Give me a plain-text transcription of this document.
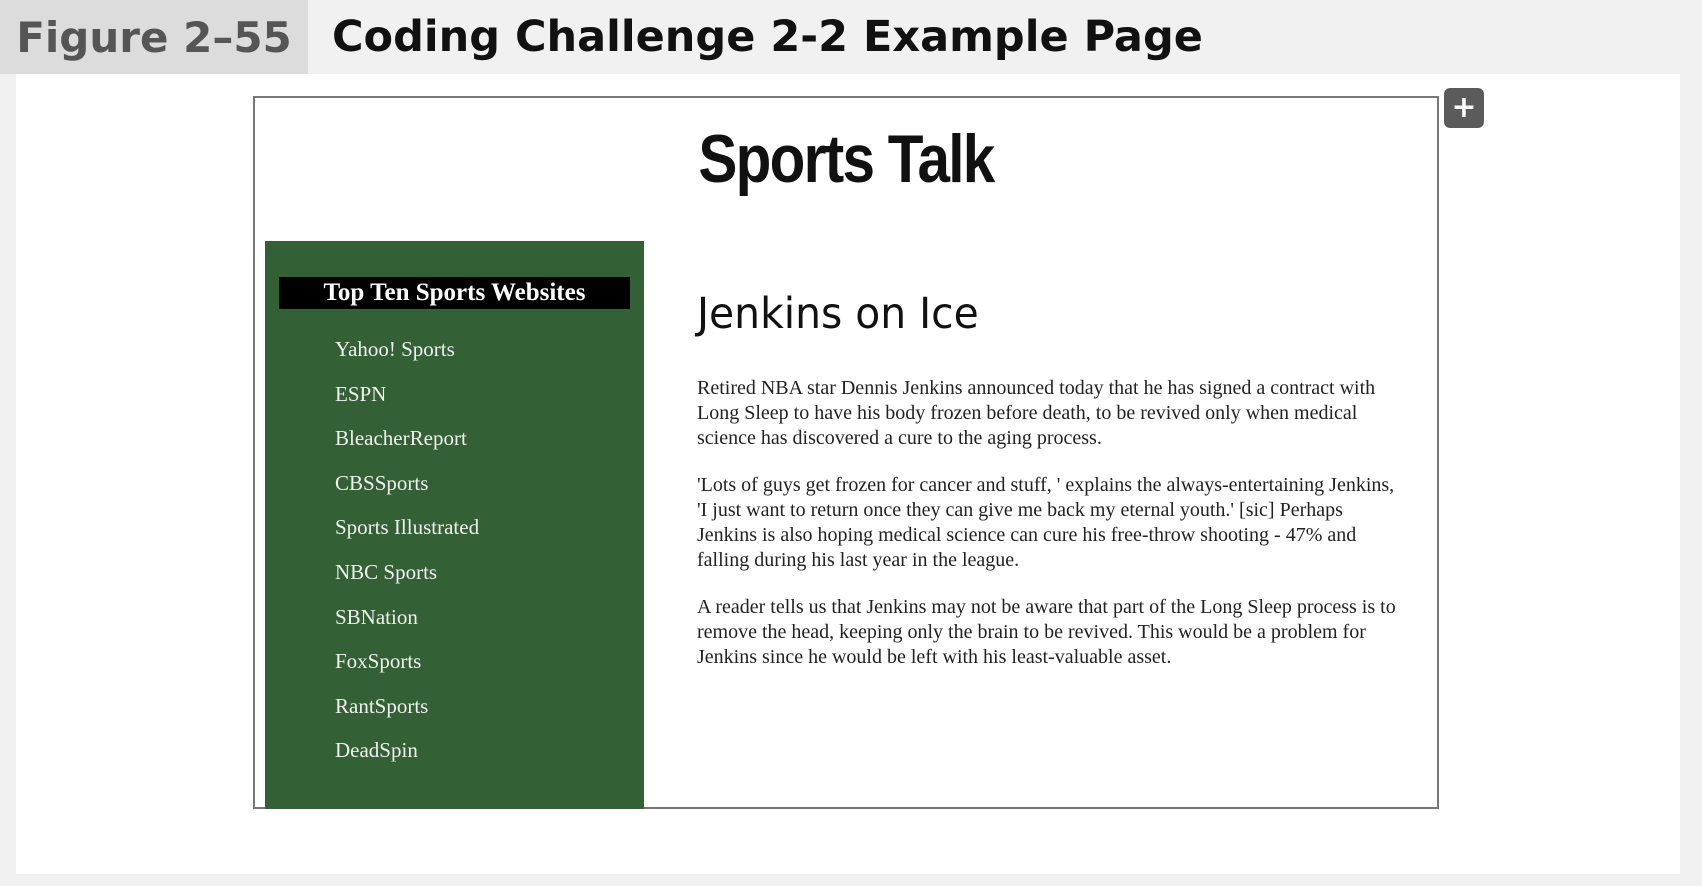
Figure 2–55 Coding Challenge 2-2 Example Page
Sports Talk
Top Ten Sports Websites
Yahoo! Sports
ESPN
BleacherReport
CBSSports
Sports Illustrated
NBC Sports
SBNation
FoxSports
RantSports
DeadSpin
Jenkins on Ice

Retired NBA star Dennis Jenkins announced today that he has signed a contract with Long Sleep to have his body frozen before death, to be revived only when medical science has discovered a cure to the aging process.

'Lots of guys get frozen for cancer and stuff, ' explains the always-entertaining Jenkins, 'I just want to return once they can give me back my eternal youth.' [sic] Perhaps Jenkins is also hoping medical science can cure his free-throw shooting - 47% and falling during his last year in the league.

A reader tells us that Jenkins may not be aware that part of the Long Sleep process is to remove the head, keeping only the brain to be revived. This would be a problem for Jenkins since he would be left with his least-valuable asset.

+
